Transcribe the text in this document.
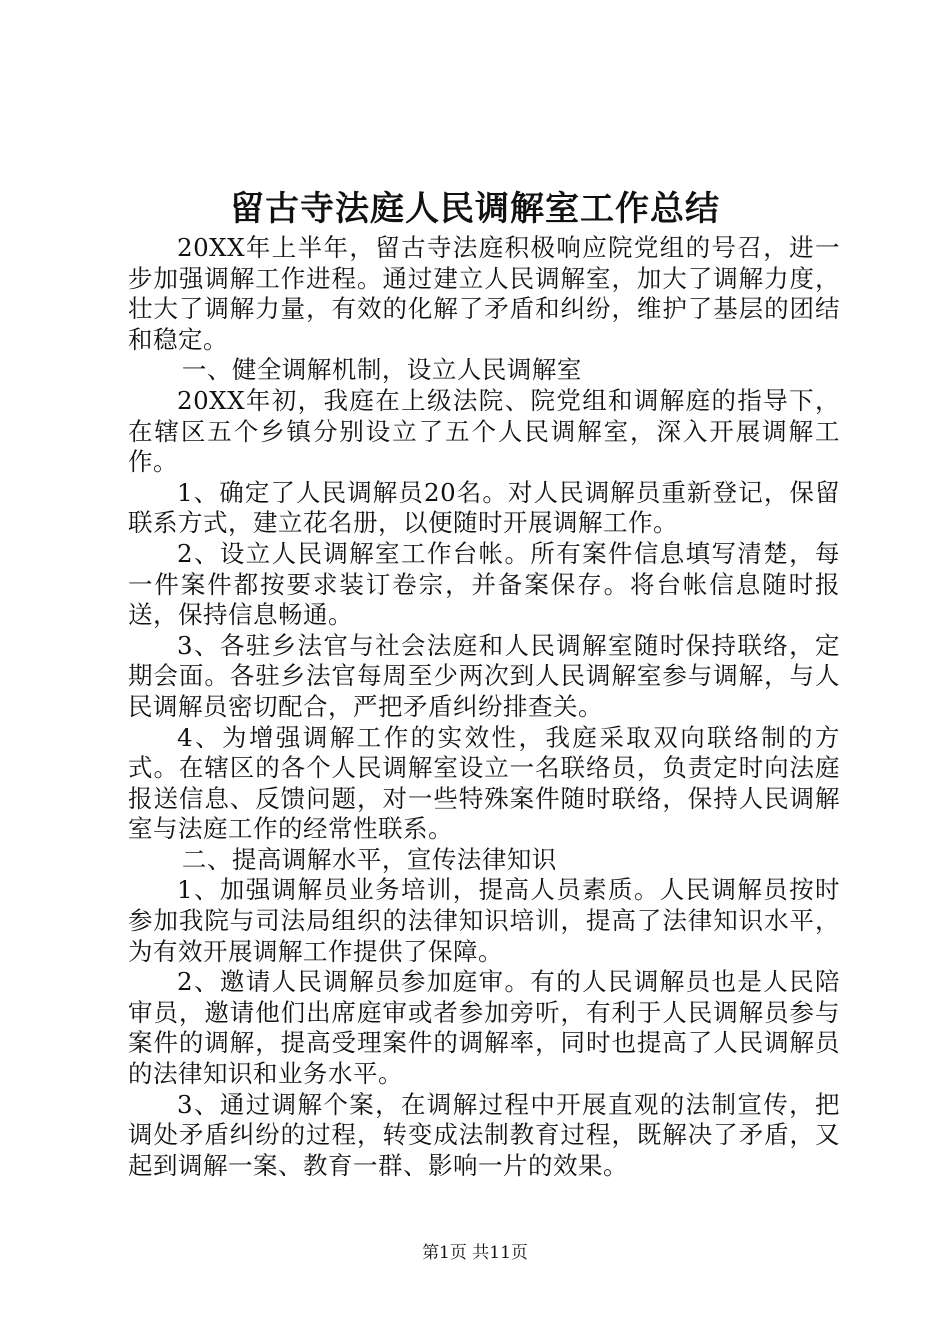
留古寺法庭人民调解室工作总结

20XX年上半年，留古寺法庭积极响应院党组的号召，进一步加强调解工作进程。通过建立人民调解室，加大了调解力度，壮大了调解力量，有效的化解了矛盾和纠纷，维护了基层的团结和稳定。

一、健全调解机制，设立人民调解室

20XX年初，我庭在上级法院、院党组和调解庭的指导下，在辖区五个乡镇分别设立了五个人民调解室，深入开展调解工作。

1、确定了人民调解员20名。对人民调解员重新登记，保留联系方式，建立花名册，以便随时开展调解工作。

2、设立人民调解室工作台帐。所有案件信息填写清楚，每一件案件都按要求装订卷宗，并备案保存。将台帐信息随时报送，保持信息畅通。

3、各驻乡法官与社会法庭和人民调解室随时保持联络，定期会面。各驻乡法官每周至少两次到人民调解室参与调解，与人民调解员密切配合，严把矛盾纠纷排查关。

4、为增强调解工作的实效性，我庭采取双向联络制的方式。在辖区的各个人民调解室设立一名联络员，负责定时向法庭报送信息、反馈问题，对一些特殊案件随时联络，保持人民调解室与法庭工作的经常性联系。

二、提高调解水平，宣传法律知识

1、加强调解员业务培训，提高人员素质。人民调解员按时参加我院与司法局组织的法律知识培训，提高了法律知识水平，为有效开展调解工作提供了保障。

2、邀请人民调解员参加庭审。有的人民调解员也是人民陪审员，邀请他们出席庭审或者参加旁听，有利于人民调解员参与案件的调解，提高受理案件的调解率，同时也提高了人民调解员的法律知识和业务水平。

3、通过调解个案，在调解过程中开展直观的法制宣传，把调处矛盾纠纷的过程，转变成法制教育过程，既解决了矛盾，又起到调解一案、教育一群、影响一片的效果。

第1页 共11页
